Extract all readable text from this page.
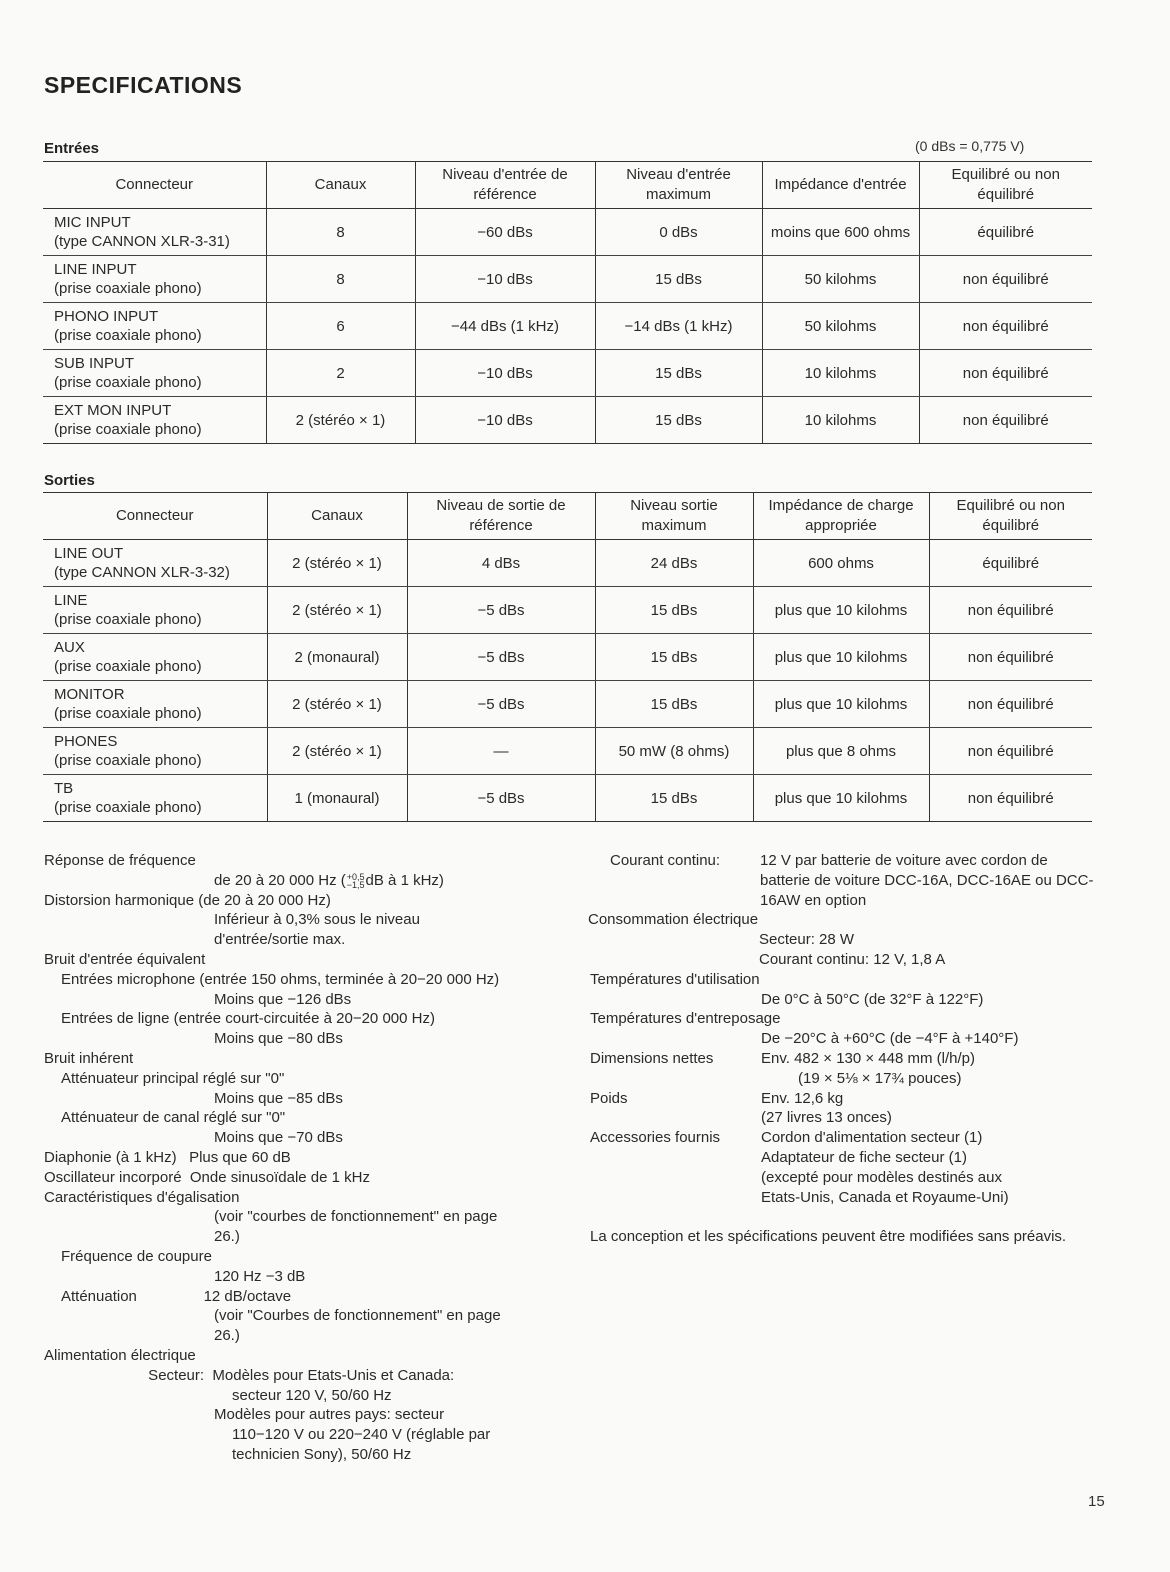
SPECIFICATIONS
Entrées	(0 dBs = 0,775 V)
Connecteur	Canaux	Niveau d'entrée de référence	Niveau d'entrée maximum	Impédance d'entrée	Equilibré ou non équilibré

MIC INPUT
(type CANNON XLR-3-31)	8	−60 dBs	0 dBs	moins que 600 ohms	équilibré

LINE INPUT
(prise coaxiale phono)	8	−10 dBs	15 dBs	50 kilohms	non équilibré

PHONO INPUT
(prise coaxiale phono)	6	−44 dBs (1 kHz)	−14 dBs (1 kHz)	50 kilohms	non équilibré

SUB INPUT
(prise coaxiale phono)	2	−10 dBs	15 dBs	10 kilohms	non équilibré

EXT MON INPUT
(prise coaxiale phono)	2 (stéréo × 1)	−10 dBs	15 dBs	10 kilohms	non équilibré
Sorties
Connecteur	Canaux	Niveau de sortie de référence	Niveau sortie maximum	Impédance de charge appropriée	Equilibré ou non équilibré

LINE OUT
(type CANNON XLR-3-32)	2 (stéréo × 1)	4 dBs	24 dBs	600 ohms	équilibré

LINE
(prise coaxiale phono)	2 (stéréo × 1)	−5 dBs	15 dBs	plus que 10 kilohms	non équilibré

AUX
(prise coaxiale phono)	2 (monaural)	−5 dBs	15 dBs	plus que 10 kilohms	non équilibré

MONITOR
(prise coaxiale phono)	2 (stéréo × 1)	−5 dBs	15 dBs	plus que 10 kilohms	non équilibré

PHONES
(prise coaxiale phono)	2 (stéréo × 1)	—	50 mW (8 ohms)	plus que 8 ohms	non équilibré

TB
(prise coaxiale phono)	1 (monaural)	−5 dBs	15 dBs	plus que 10 kilohms	non équilibré
Réponse de fréquence
de 20 à 20 000 Hz (+0,5
−1,5dB à 1 kHz)
Distorsion harmonique (de 20 à 20 000 Hz)
Inférieur à 0,3% sous le niveau
d'entrée/sortie max.
Bruit d'entrée équivalent
Entrées microphone (entrée 150 ohms, terminée à 20−20 000 Hz)
Moins que −126 dBs
Entrées de ligne (entrée court-circuitée à 20−20 000 Hz)
Moins que −80 dBs
Bruit inhérent
Atténuateur principal réglé sur "0"
Moins que −85 dBs
Atténuateur de canal réglé sur "0"
Moins que −70 dBs
Diaphonie (à 1 kHz)   Plus que 60 dB
Oscillateur incorporé  Onde sinusoïdale de 1 kHz
Caractéristiques d'égalisation
(voir "courbes de fonctionnement" en page
26.)
Fréquence de coupure
120 Hz −3 dB
Atténuation                12 dB/octave
(voir "Courbes de fonctionnement" en page
26.)
Alimentation électrique
Secteur:  Modèles pour Etats-Unis et Canada:
secteur 120 V, 50/60 Hz
Modèles pour autres pays: secteur
110−120 V ou 220−240 V (réglable par
technicien Sony), 50/60 Hz
Courant continu:	12 V par batterie de voiture avec cordon de batterie de voiture DCC-16A, DCC-16AE ou DCC-16AW en option
Consommation électrique
Secteur: 28 W
Courant continu: 12 V, 1,8 A
Températures d'utilisation
De 0°C à 50°C (de 32°F à 122°F)
Températures d'entreposage
De −20°C à +60°C (de −4°F à +140°F)
Dimensions nettes	Env. 482 × 130 × 448 mm (l/h/p)
(19 × 5⅛ × 17¾ pouces)
Poids	Env. 12,6 kg
(27 livres 13 onces)
Accessories fournis	Cordon d'alimentation secteur (1)
Adaptateur de fiche secteur (1)
(excepté pour modèles destinés aux
Etats-Unis, Canada et Royaume-Uni)
La conception et les spécifications peuvent être modifiées sans préavis.
15
